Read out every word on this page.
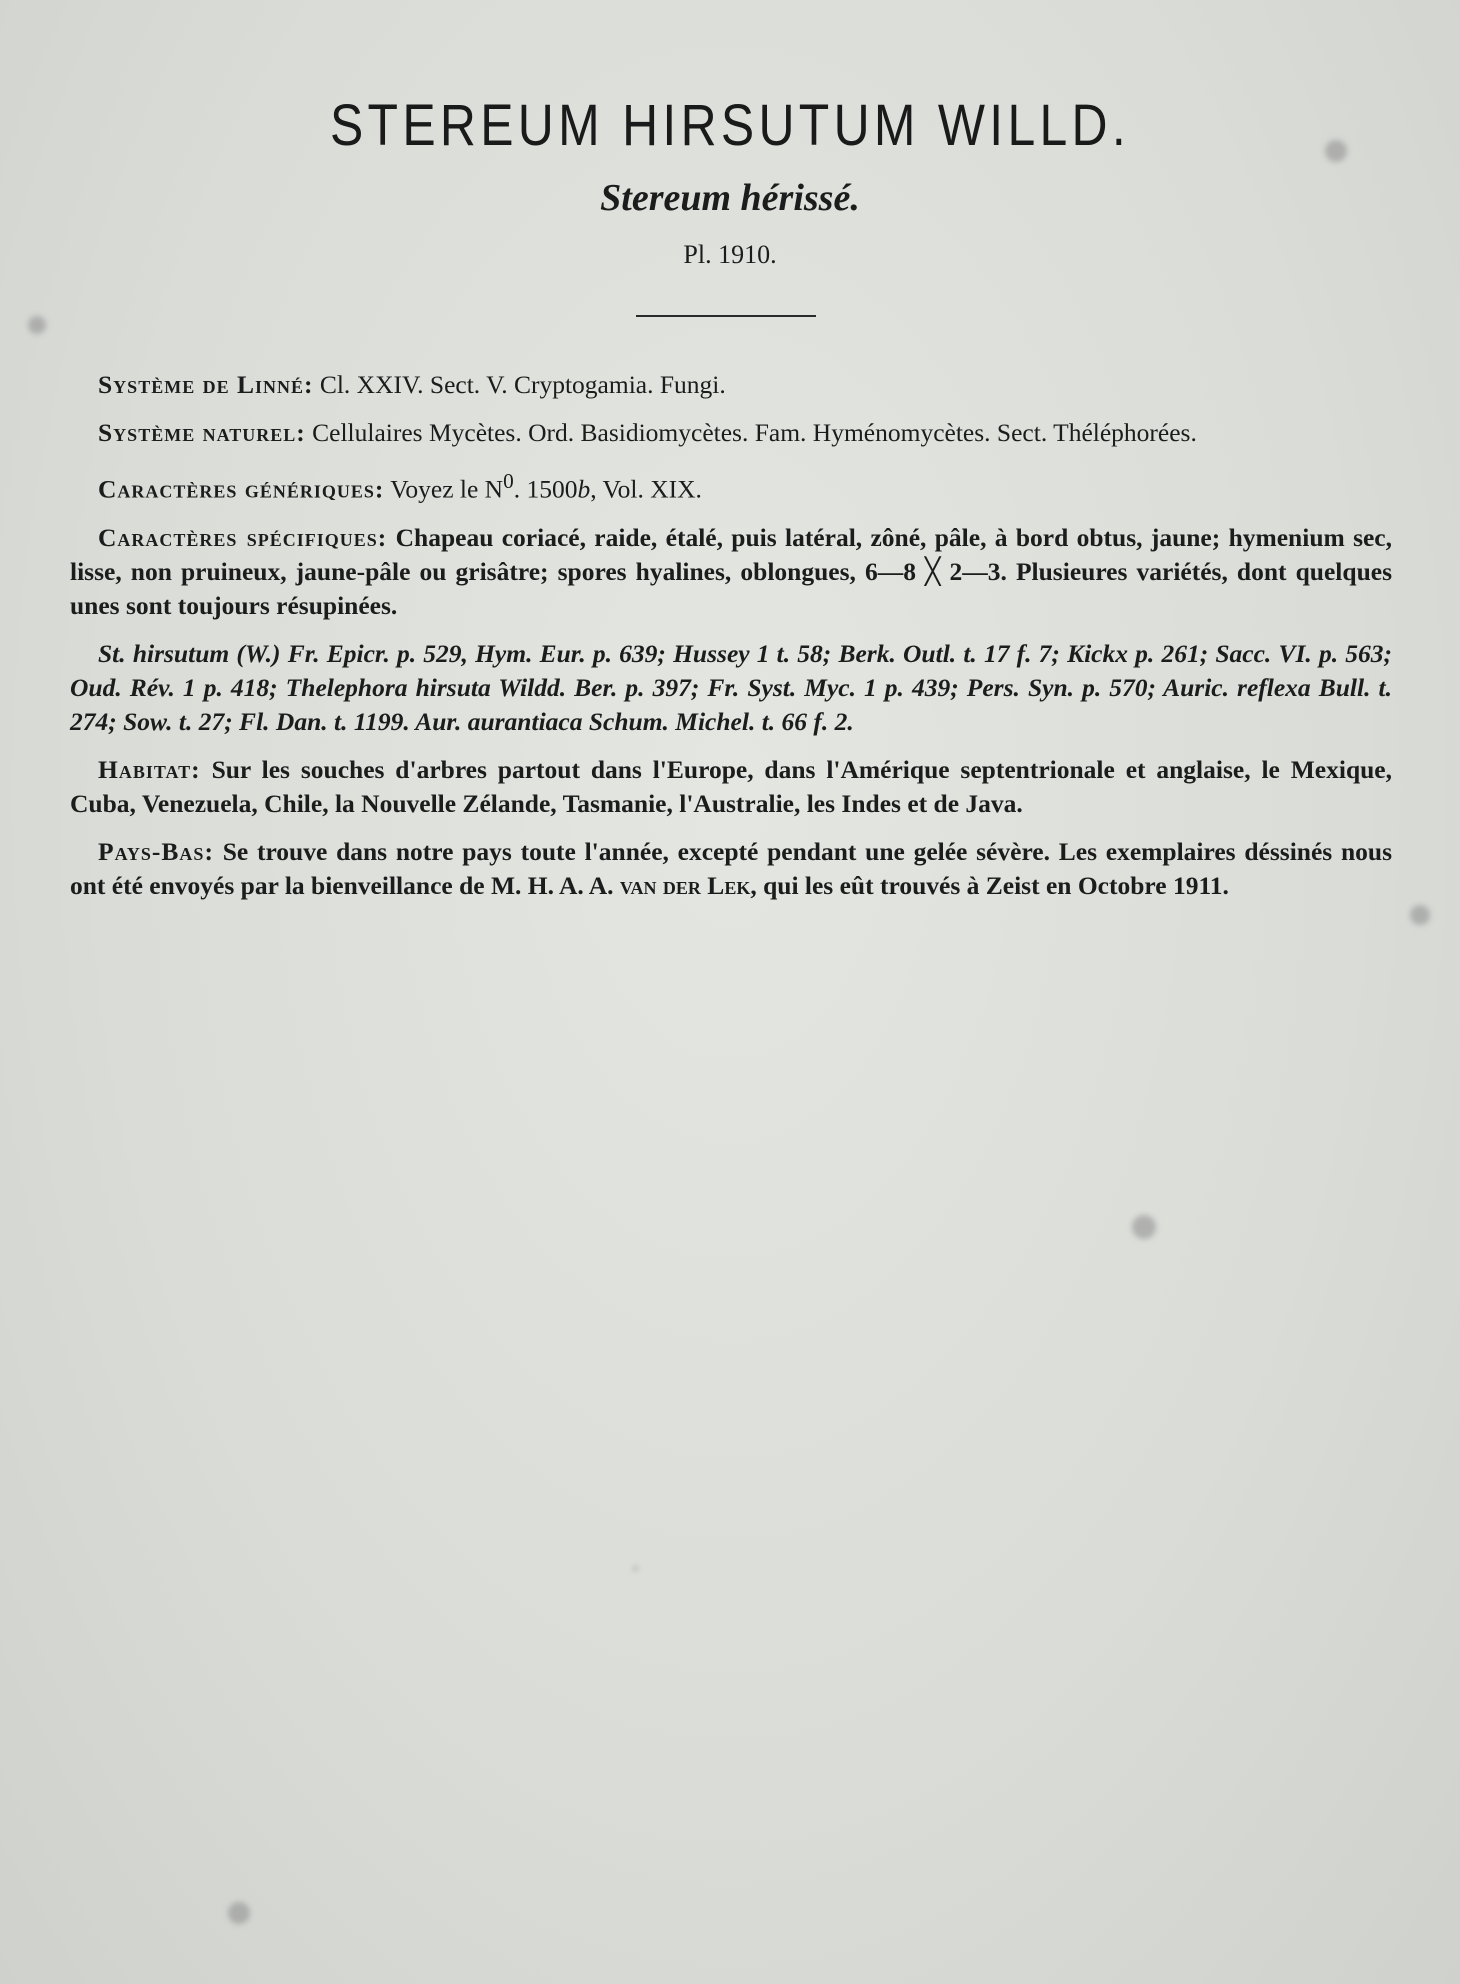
STEREUM HIRSUTUM WILLD.
Stereum hérissé.

Pl. 1910.

Système de Linné: Cl. XXIV. Sect. V. Cryptogamia. Fungi.

Système naturel: Cellulaires Mycètes. Ord. Basidiomycètes. Fam. Hyménomycètes. Sect. Théléphorées.

Caractères génériques: Voyez le $N^0$. 1500b, Vol. XIX.

Caractères spécifiques: Chapeau coriacé, raide, étalé, puis latéral, zôné, pâle, à bord obtus, jaune; hymenium sec, lisse, non pruineux, jaune-pâle ou grisâtre; spores hyalines, oblongues, 6—8 ╳ 2—3. Plusieures variétés, dont quelques unes sont toujours résupinées.

St. hirsutum (W.) Fr. Epicr. p. 529, Hym. Eur. p. 639; Hussey 1 t. 58; Berk. Outl. t. 17 f. 7; Kickx p. 261; Sacc. VI. p. 563; Oud. Rév. 1 p. 418; Thelephora hirsuta Wildd. Ber. p. 397; Fr. Syst. Myc. 1 p. 439; Pers. Syn. p. 570; Auric. reflexa Bull. t. 274; Sow. t. 27; Fl. Dan. t. 1199. Aur. aurantiaca Schum. Michel. t. 66 f. 2.

Habitat: Sur les souches d'arbres partout dans l'Europe, dans l'Amérique septentrionale et anglaise, le Mexique, Cuba, Venezuela, Chile, la Nouvelle Zélande, Tasmanie, l'Australie, les Indes et de Java.

Pays-Bas: Se trouve dans notre pays toute l'année, excepté pendant une gelée sévère. Les exemplaires déssinés nous ont été envoyés par la bienveillance de M. H. A. A. van der Lek, qui les eût trouvés à Zeist en Octobre 1911.
